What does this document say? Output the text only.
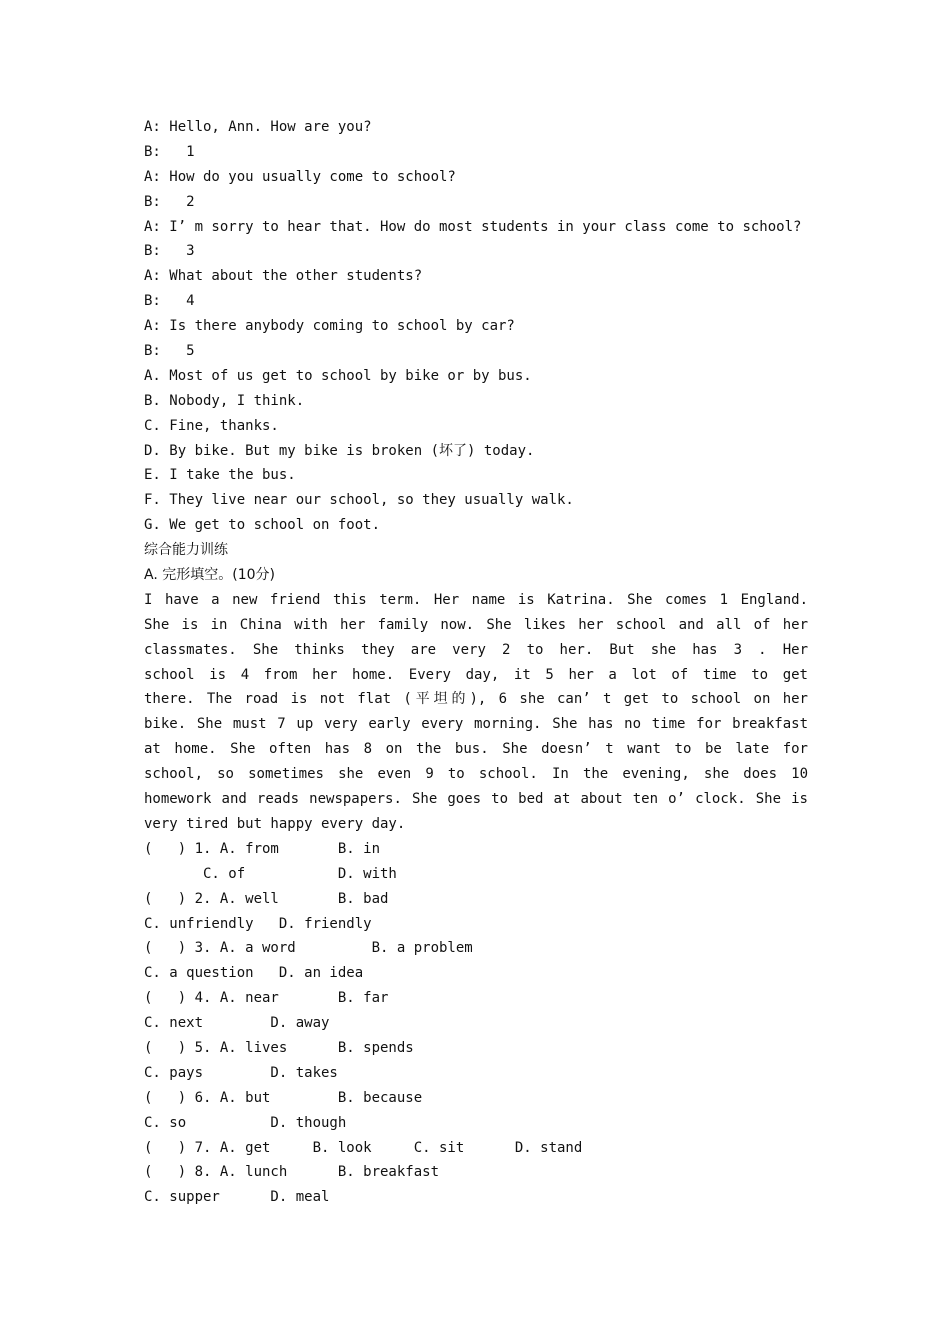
A: Hello, Ann. How are you?
B:   1
A: How do you usually come to school?
B:   2
A: I’ m sorry to hear that. How do most students in your class come to school?
B:   3
A: What about the other students?
B:   4
A: Is there anybody coming to school by car?
B:   5
A. Most of us get to school by bike or by bus.
B. Nobody, I think.
C. Fine, thanks.
D. By bike. But my bike is broken (坏了) today.
E. I take the bus.
F. They live near our school, so they usually walk.
G. We get to school on foot.
综合能力训练
A. 完形填空。(10分)
I have a new friend this term. Her name is Katrina. She comes 1 England.
She is in China with her family now. She likes her school and all of her
classmates. She thinks they are very 2 to her. But she has 3 . Her
school is 4 from her home. Every day, it 5 her a lot of time to get
there. The road is not flat (平坦的), 6 she can’ t get to school on her
bike. She must 7 up very early every morning. She has no time for breakfast
at home. She often has 8 on the bus. She doesn’ t want to be late for
school, so sometimes she even 9 to school. In the evening, she does 10
homework and reads newspapers. She goes to bed at about ten o’ clock. She is
very tired but happy every day.
(   ) 1. A. from       B. in
C. of           D. with
(   ) 2. A. well       B. bad
C. unfriendly   D. friendly
(   ) 3. A. a word         B. a problem
C. a question   D. an idea
(   ) 4. A. near       B. far
C. next        D. away
(   ) 5. A. lives      B. spends
C. pays        D. takes
(   ) 6. A. but        B. because
C. so          D. though
(   ) 7. A. get     B. look     C. sit      D. stand
(   ) 8. A. lunch      B. breakfast
C. supper      D. meal
